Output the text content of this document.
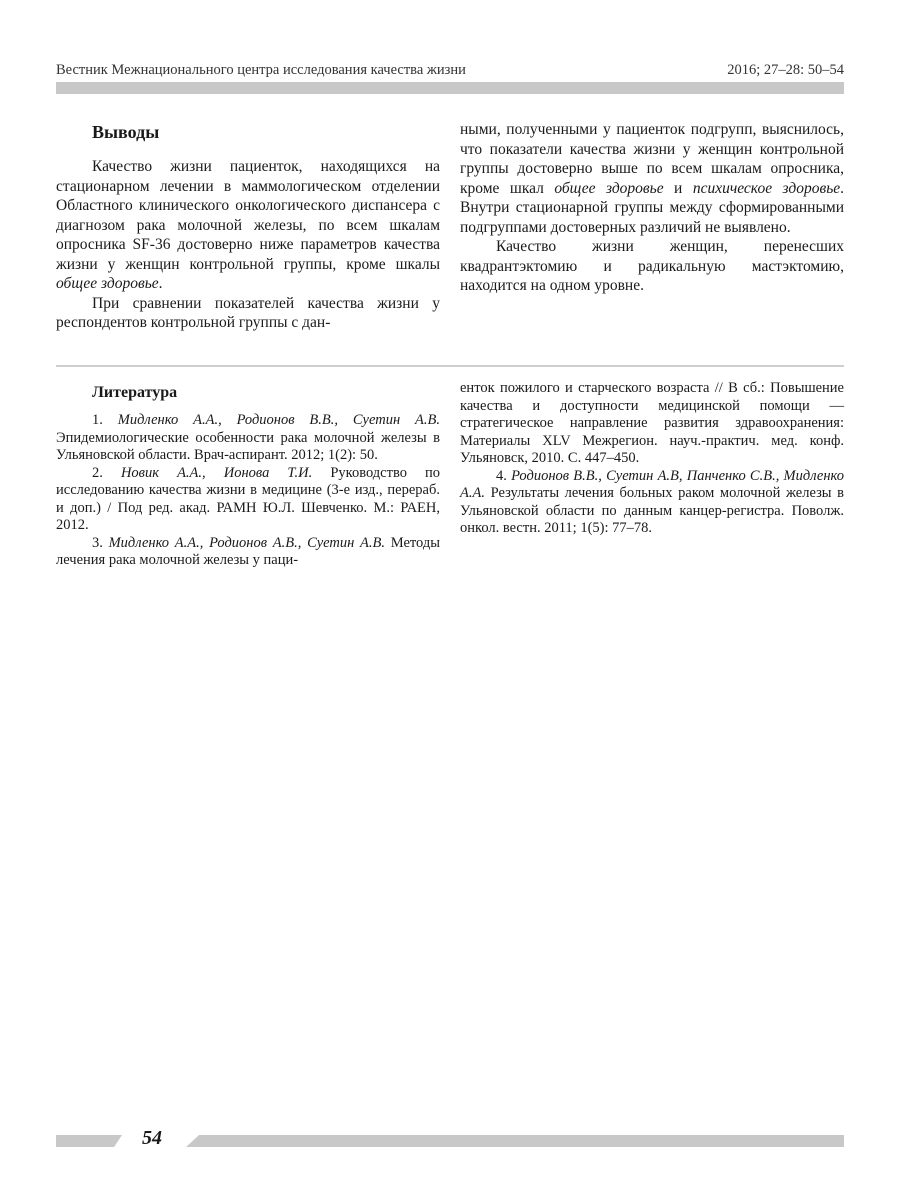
Вестник Межнационального центра исследования качества жизни	2016; 27–28: 50–54
Выводы

Качество жизни пациенток, находящихся на стационарном лечении в маммологическом отделении Областного клинического онкологического диспансера с диагнозом рака молочной железы, по всем шкалам опросника SF-36 достоверно ниже параметров качества жизни у женщин контрольной группы, кроме шкалы общее здоровье.

При сравнении показателей качества жизни у респондентов контрольной группы с дан-

ными, полученными у пациенток подгрупп, выяснилось, что показатели качества жизни у женщин контрольной группы достоверно выше по всем шкалам опросника, кроме шкал общее здоровье и психическое здоровье. Внутри стационарной группы между сформированными подгруппами достоверных различий не выявлено.

Качество жизни женщин, перенесших квадрантэктомию и радикальную мастэктомию, находится на одном уровне.

Литература

1. Мидленко А.А., Родионов В.В., Суетин А.В. Эпидемиологические особенности рака молочной железы в Ульяновской области. Врач-аспирант. 2012; 1(2): 50.

2. Новик А.А., Ионова Т.И. Руководство по исследованию качества жизни в медицине (3-е изд., перераб. и доп.) / Под ред. акад. РАМН Ю.Л. Шевченко. М.: РАЕН, 2012.

3. Мидленко А.А., Родионов А.В., Суетин А.В. Методы лечения рака молочной железы у паци-

енток пожилого и старческого возраста // В сб.: Повышение качества и доступности медицинской помощи — стратегическое направление развития здравоохранения: Материалы XLV Межрегион. науч.-практич. мед. конф. Ульяновск, 2010. С. 447–450.

4. Родионов В.В., Суетин А.В, Панченко С.В., Мидленко А.А. Результаты лечения больных раком молочной железы в Ульяновской области по данным канцер-регистра. Поволж. онкол. вестн. 2011; 1(5): 77–78.

54
